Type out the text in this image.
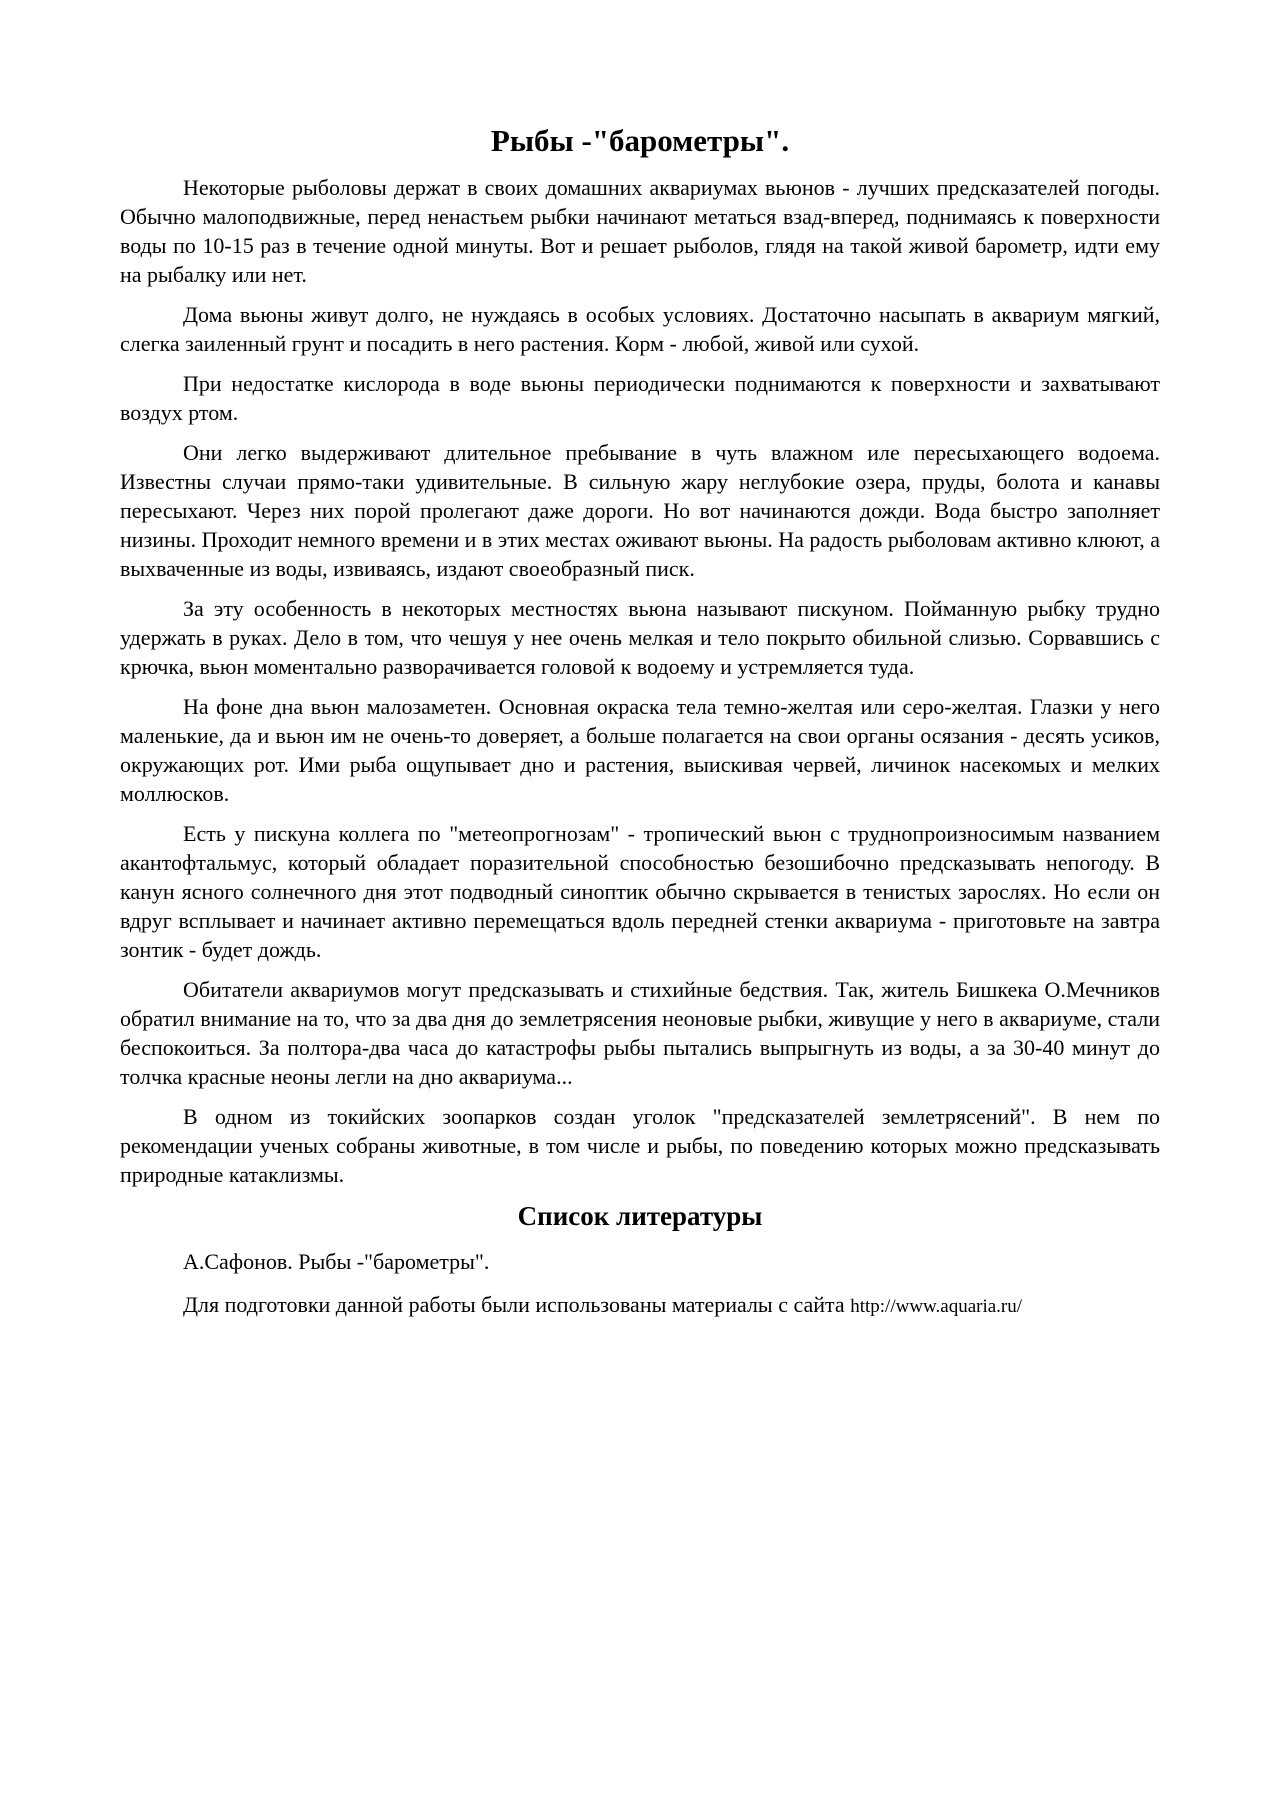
Рыбы -"барометры".

Некоторые рыболовы держат в своих домашних аквариумах вьюнов - лучших предсказателей погоды. Обычно малоподвижные, перед ненастьем рыбки начинают метаться взад-вперед, поднимаясь к поверхности воды по 10-15 раз в течение одной минуты. Вот и решает рыболов, глядя на такой живой барометр, идти ему на рыбалку или нет.

Дома вьюны живут долго, не нуждаясь в особых условиях. Достаточно насыпать в аквариум мягкий, слегка заиленный грунт и посадить в него растения. Корм - любой, живой или сухой.

При недостатке кислорода в воде вьюны периодически поднимаются к поверхности и захватывают воздух ртом.

Они легко выдерживают длительное пребывание в чуть влажном иле пересыхающего водоема. Известны случаи прямо-таки удивительные. В сильную жару неглубокие озера, пруды, болота и канавы пересыхают. Через них порой пролегают даже дороги. Но вот начинаются дожди. Вода быстро заполняет низины. Проходит немного времени и в этих местах оживают вьюны. На радость рыболовам активно клюют, а выхваченные из воды, извиваясь, издают своеобразный писк.

За эту особенность в некоторых местностях вьюна называют пискуном. Пойманную рыбку трудно удержать в руках. Дело в том, что чешуя у нее очень мелкая и тело покрыто обильной слизью. Сорвавшись с крючка, вьюн моментально разворачивается головой к водоему и устремляется туда.

На фоне дна вьюн малозаметен. Основная окраска тела темно-желтая или серо-желтая. Глазки у него маленькие, да и вьюн им не очень-то доверяет, а больше полагается на свои органы осязания - десять усиков, окружающих рот. Ими рыба ощупывает дно и растения, выискивая червей, личинок насекомых и мелких моллюсков.

Есть у пискуна коллега по "метеопрогнозам" - тропический вьюн с труднопроизносимым названием акантофтальмус, который обладает поразительной способностью безошибочно предсказывать непогоду. В канун ясного солнечного дня этот подводный синоптик обычно скрывается в тенистых зарослях. Но если он вдруг всплывает и начинает активно перемещаться вдоль передней стенки аквариума - приготовьте на завтра зонтик - будет дождь.

Обитатели аквариумов могут предсказывать и стихийные бедствия. Так, житель Бишкека О.Мечников обратил внимание на то, что за два дня до землетрясения неоновые рыбки, живущие у него в аквариуме, стали беспокоиться. За полтора-два часа до катастрофы рыбы пытались выпрыгнуть из воды, а за 30-40 минут до толчка красные неоны легли на дно аквариума...

В одном из токийских зоопарков создан уголок "предсказателей землетрясений". В нем по рекомендации ученых собраны животные, в том числе и рыбы, по поведению которых можно предсказывать природные катаклизмы.

Список литературы

А.Сафонов. Рыбы -"барометры".

Для подготовки данной работы были использованы материалы с сайта http://www.aquaria.ru/
